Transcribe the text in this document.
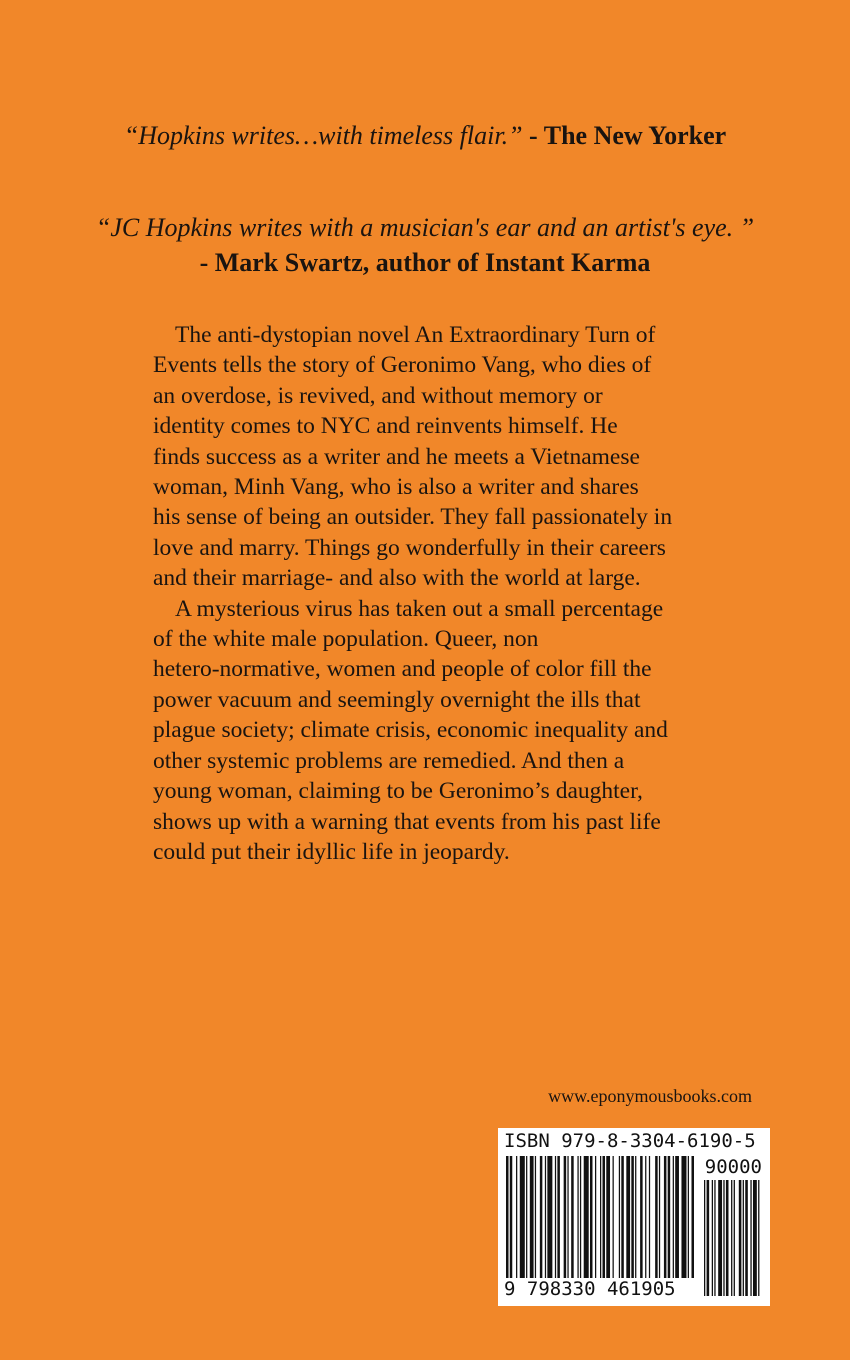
“Hopkins writes…with timeless flair.” - The New Yorker
“JC Hopkins writes with a musician's ear and an artist's eye. ”
- Mark Swartz, author of Instant Karma

The anti-dystopian novel An Extraordinary Turn of
Events tells the story of Geronimo Vang, who dies of
an overdose, is revived, and without memory or
identity comes to NYC and reinvents himself. He
finds success as a writer and he meets a Vietnamese
woman, Minh Vang, who is also a writer and shares
his sense of being an outsider. They fall passionately in
love and marry. Things go wonderfully in their careers
and their marriage- and also with the world at large.

A mysterious virus has taken out a small percentage
of the white male population. Queer, non
hetero-normative, women and people of color fill the
power vacuum and seemingly overnight the ills that
plague society; climate crisis, economic inequality and
other systemic problems are remedied. And then a
young woman, claiming to be Geronimo’s daughter,
shows up with a warning that events from his past life
could put their idyllic life in jeopardy.

www.eponymousbooks.com
ISBN 979-8-3304-6190-5
90000
9 798330 461905
